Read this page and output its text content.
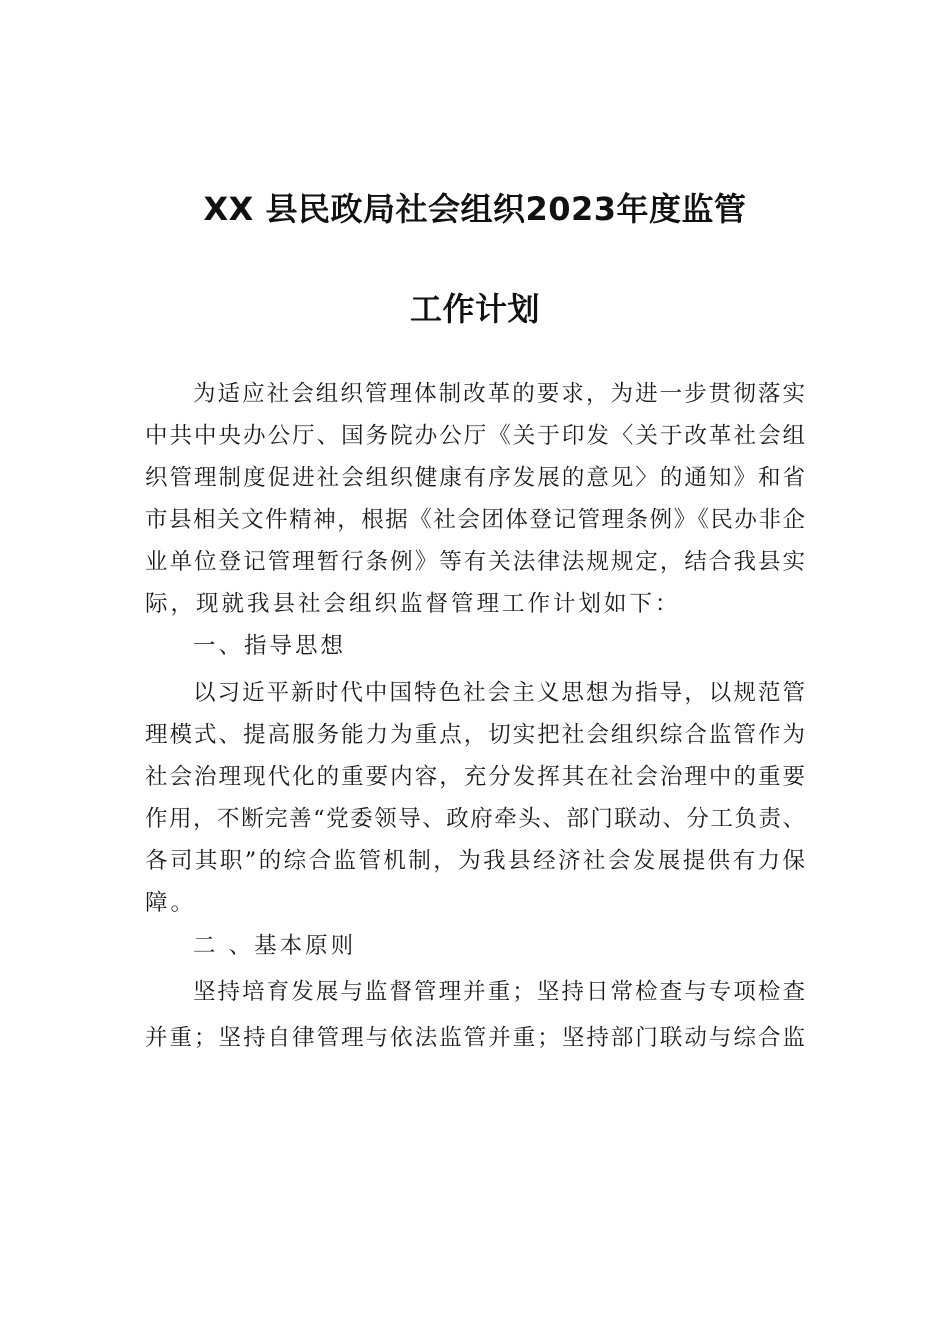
XX 县民政局社会组织2023年度监管
工作计划
为适应社会组织管理体制改革的要求，为进一步贯彻落实
中共中央办公厅、国务院办公厅《关于印发〈关于改革社会组
织管理制度促进社会组织健康有序发展的意见〉的通知》和省
市县相关文件精神，根据《社会团体登记管理条例》《民办非企
业单位登记管理暂行条例》等有关法律法规规定，结合我县实
际，现就我县社会组织监督管理工作计划如下：
一、指导思想
以习近平新时代中国特色社会主义思想为指导，以规范管
理模式、提高服务能力为重点，切实把社会组织综合监管作为
社会治理现代化的重要内容，充分发挥其在社会治理中的重要
作用，不断完善“党委领导、政府牵头、部门联动、分工负责、
各司其职”的综合监管机制，为我县经济社会发展提供有力保
障。
二 、基本原则
坚持培育发展与监督管理并重；坚持日常检查与专项检查
并重；坚持自律管理与依法监管并重；坚持部门联动与综合监
